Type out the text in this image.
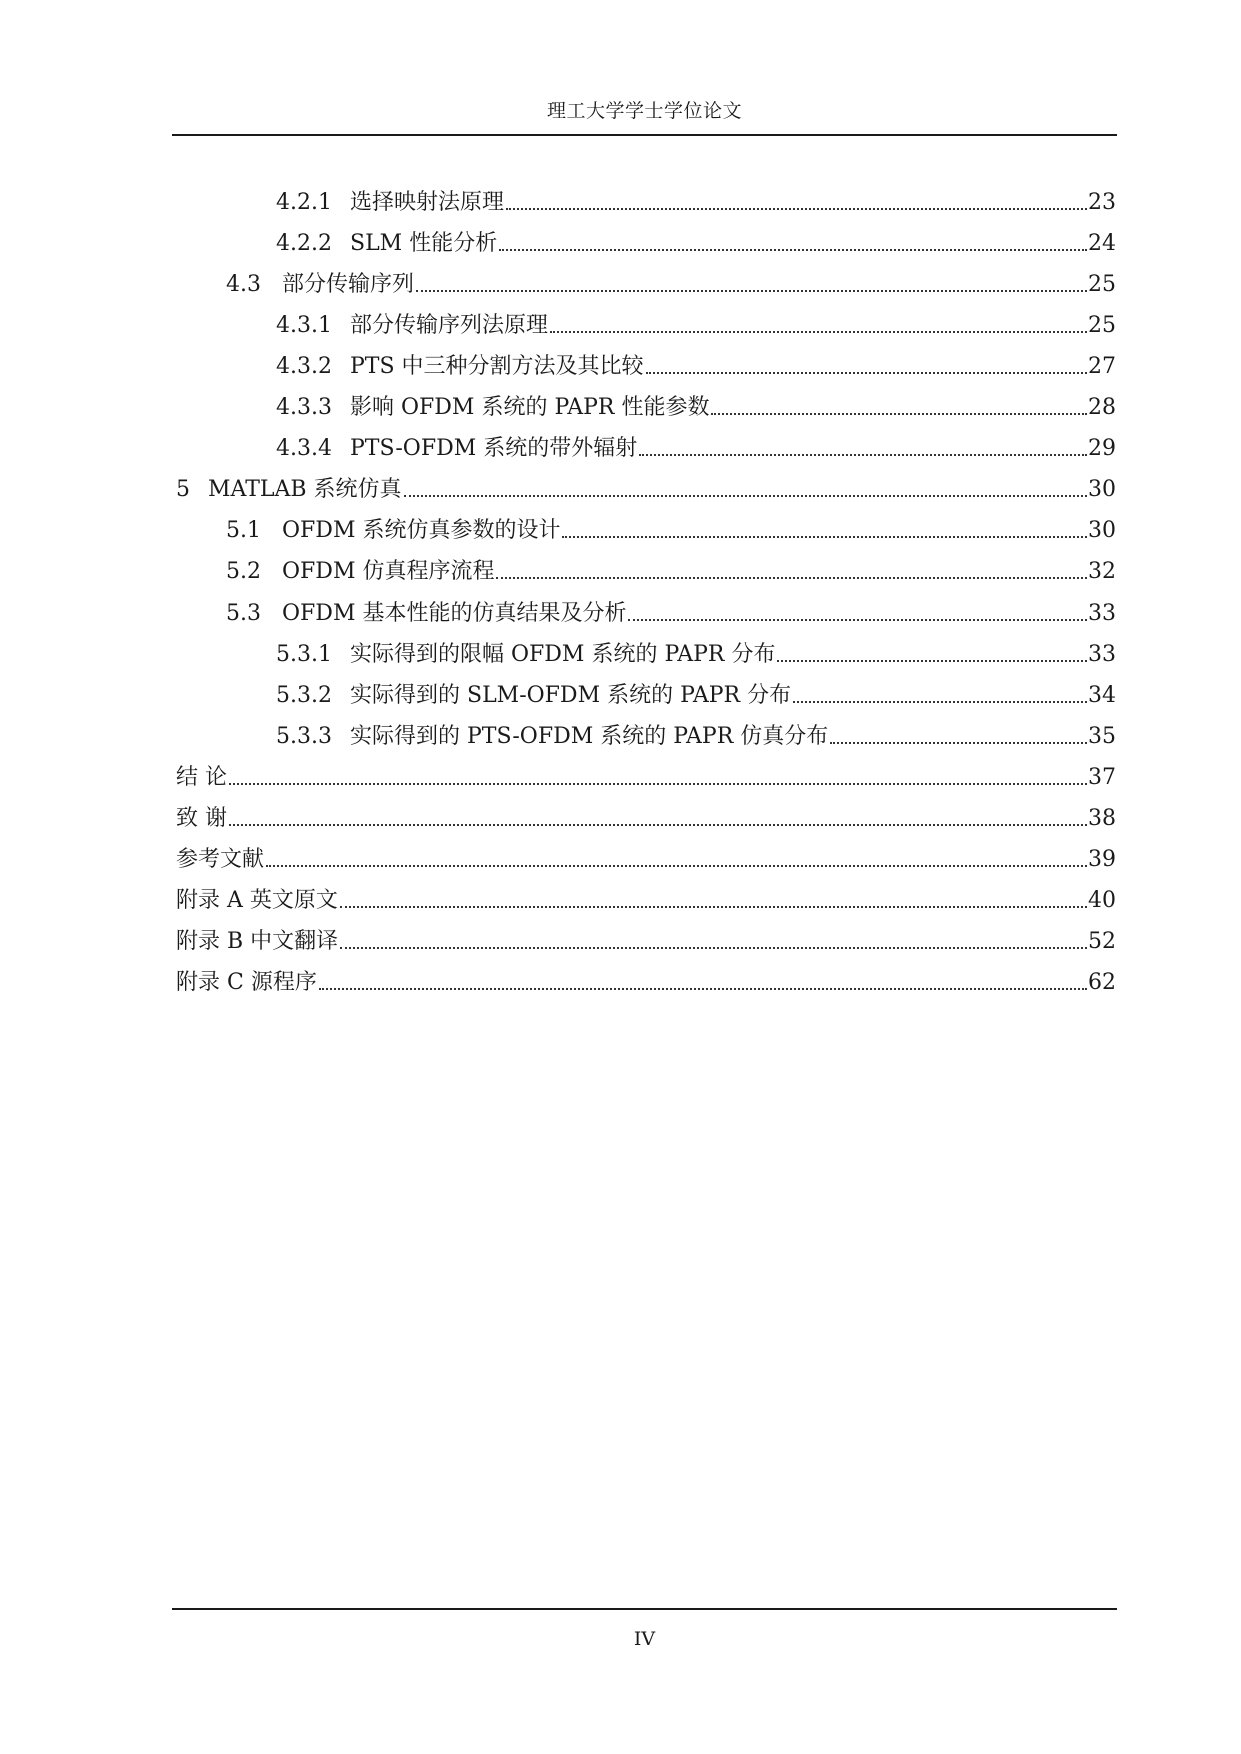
理工大学学士学位论文
4.2.1 选择映射法原理	23
4.2.2 SLM 性能分析	24
4.3 部分传输序列	25
4.3.1 部分传输序列法原理	25
4.3.2 PTS 中三种分割方法及其比较	27
4.3.3 影响 OFDM 系统的 PAPR 性能参数	28
4.3.4 PTS-OFDM 系统的带外辐射	29
5 MATLAB 系统仿真	30
5.1 OFDM 系统仿真参数的设计	30
5.2 OFDM 仿真程序流程	32
5.3 OFDM 基本性能的仿真结果及分析	33
5.3.1 实际得到的限幅 OFDM 系统的 PAPR 分布	33
5.3.2 实际得到的 SLM-OFDM 系统的 PAPR 分布	34
5.3.3 实际得到的 PTS-OFDM 系统的 PAPR 仿真分布	35
结 论	37
致 谢	38
参考文献	39
附录 A 英文原文	40
附录 B 中文翻译	52
附录 C 源程序	62
IV
